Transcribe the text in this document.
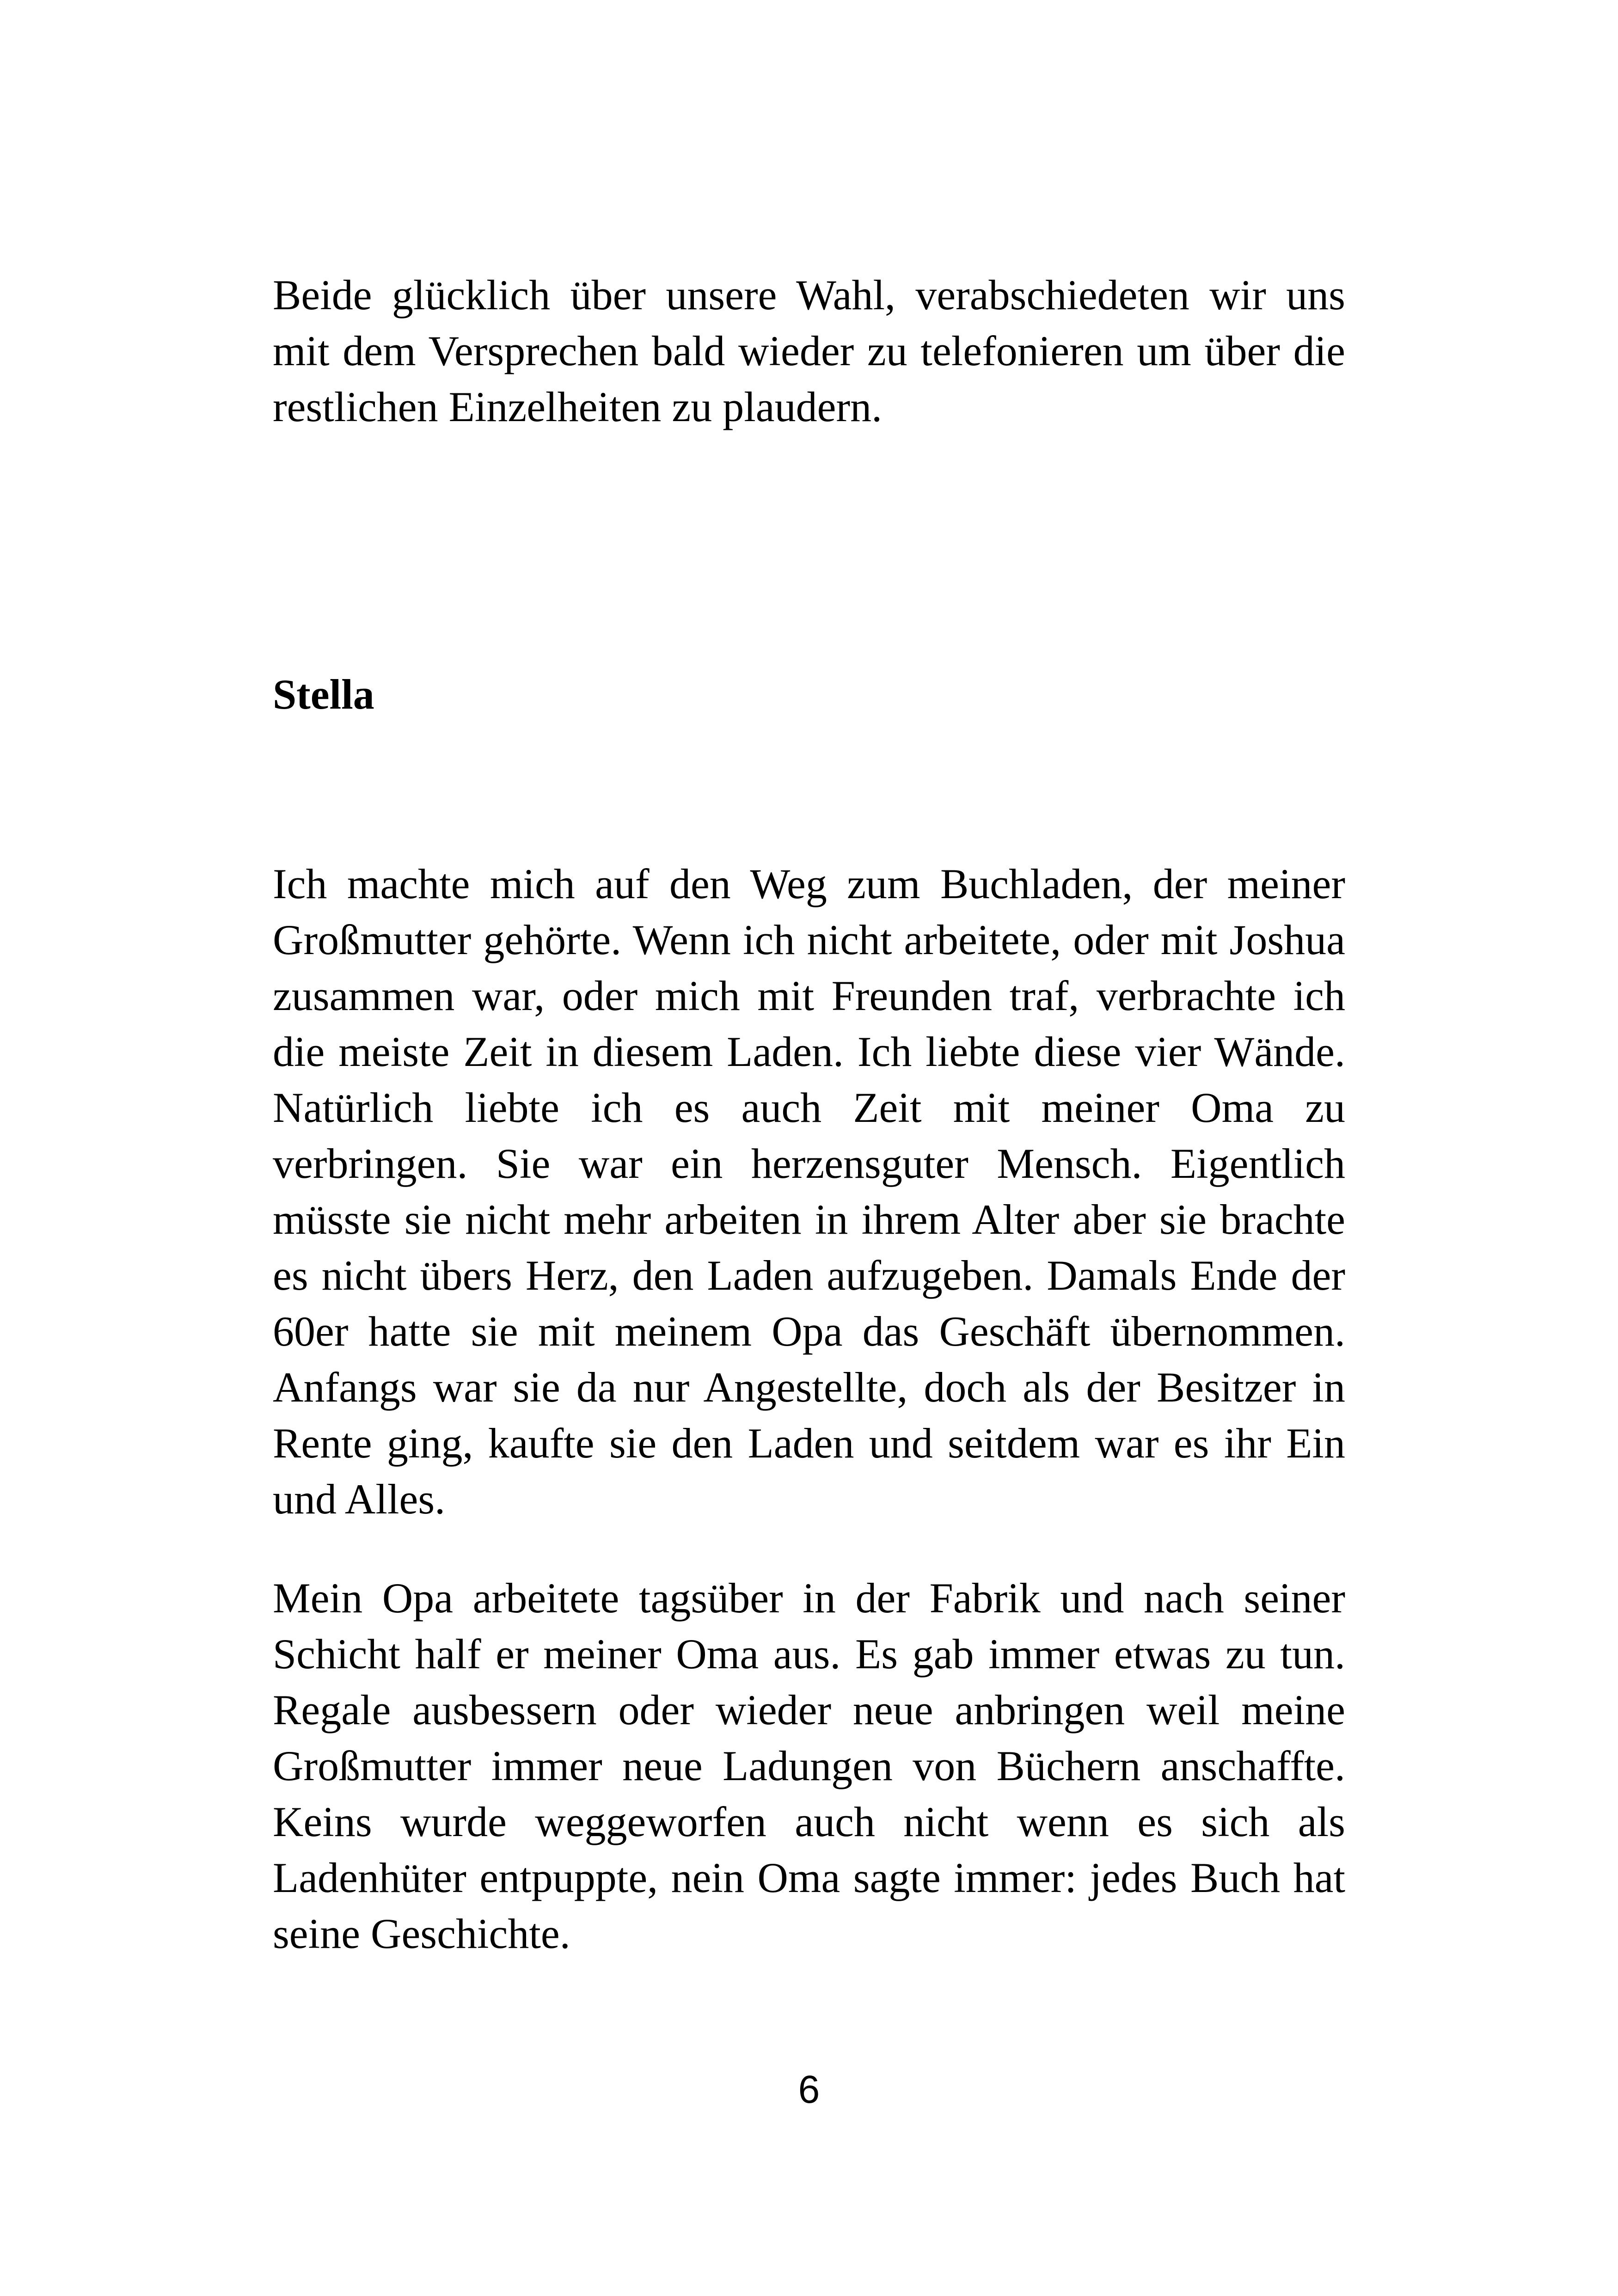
Beide glücklich über unsere Wahl, verabschiedeten wir uns
mit dem Versprechen bald wieder zu telefonieren um über die
restlichen Einzelheiten zu plaudern.

Stella

Ich machte mich auf den Weg zum Buchladen, der meiner
Großmutter gehörte. Wenn ich nicht arbeitete, oder mit Joshua
zusammen war, oder mich mit Freunden traf, verbrachte ich
die meiste Zeit in diesem Laden. Ich liebte diese vier Wände.
Natürlich liebte ich es auch Zeit mit meiner Oma zu
verbringen. Sie war ein herzensguter Mensch. Eigentlich
müsste sie nicht mehr arbeiten in ihrem Alter aber sie brachte
es nicht übers Herz, den Laden aufzugeben. Damals Ende der
60er hatte sie mit meinem Opa das Geschäft übernommen.
Anfangs war sie da nur Angestellte, doch als der Besitzer in
Rente ging, kaufte sie den Laden und seitdem war es ihr Ein
und Alles.

Mein Opa arbeitete tagsüber in der Fabrik und nach seiner
Schicht half er meiner Oma aus. Es gab immer etwas zu tun.
Regale ausbessern oder wieder neue anbringen weil meine
Großmutter immer neue Ladungen von Büchern anschaffte.
Keins wurde weggeworfen auch nicht wenn es sich als
Ladenhüter entpuppte, nein Oma sagte immer: jedes Buch hat
seine Geschichte.

6
